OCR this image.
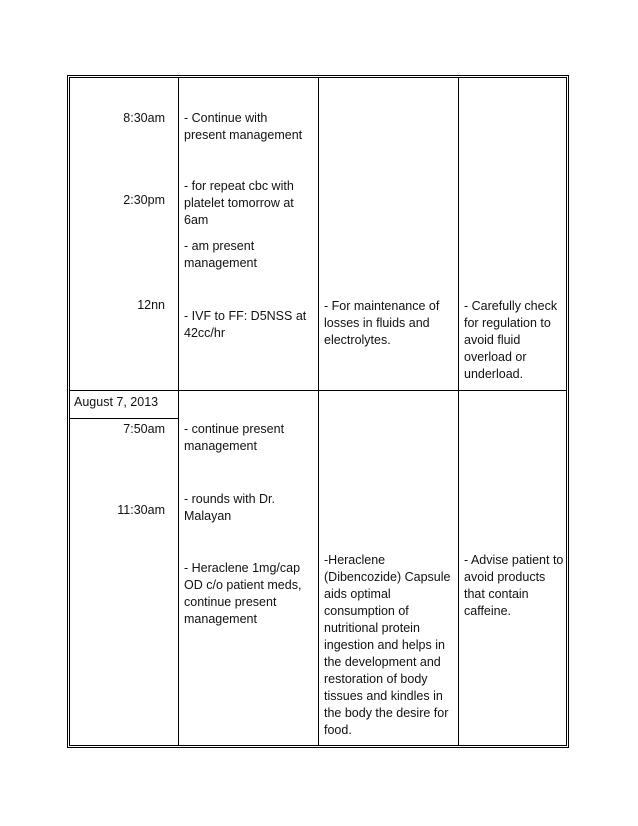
8:30am
2:30pm
12nn
- Continue with present management
- for repeat cbc with platelet tomorrow at 6am
- am present management
- IVF to FF: D5NSS at 42cc/hr
- For maintenance of losses in fluids and electrolytes.
- Carefully check for regulation to avoid fluid overload or underload.
August 7, 2013
7:50am
11:30am
- continue present management
- rounds with Dr. Malayan
- Heraclene 1mg/cap OD c/o patient meds, continue present management
-Heraclene (Dibencozide) Capsule aids optimal consumption of nutritional protein ingestion and helps in the development and restoration of body tissues and kindles in the body the desire for food.
- Advise patient to avoid products that contain caffeine.
